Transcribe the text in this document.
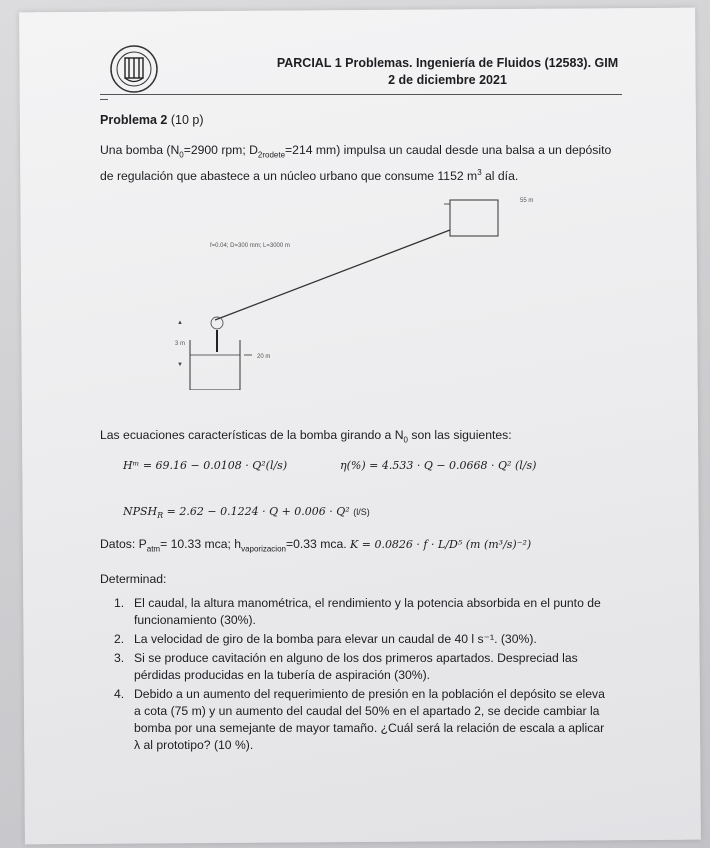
PARCIAL 1 Problemas. Ingeniería de Fluidos (12583). GIM
2 de diciembre 2021
Problema 2 (10 p)
Una bomba ($N_0=2900$ rpm; $D_{2rodete}=214$ mm) impulsa un caudal desde una balsa a un depósito de regulación que abastece a un núcleo urbano que consume 1152 $m^3$ al día.
55 m
f=0.04; D=300 mm; L=3000 m
▲
3 m
▼
20 m
Las ecuaciones características de la bomba girando a $N_0$ son las siguientes:
Hᵐ = 69.16 − 0.0108 · Q²(l/s)	η(%) = 4.533 · Q − 0.0668 · Q² (l/s)
$NPSH_R = 2.62 - 0.1224 \cdot Q + 0.006 \cdot Q^2$ (l/S)
Datos: $P_{atm}= 10.33$ mca; $h_{vaporizacion}=0.33$ mca. K = 0.0826 · f · L/D⁵ (m (m³/s)⁻²)
Determinad:
1. El caudal, la altura manométrica, el rendimiento y la potencia absorbida en el punto de funcionamiento (30%).
2. La velocidad de giro de la bomba para elevar un caudal de 40 l s⁻¹. (30%).
3. Si se produce cavitación en alguno de los dos primeros apartados. Despreciad las pérdidas producidas en la tubería de aspiración (30%).
4. Debido a un aumento del requerimiento de presión en la población el depósito se eleva a cota (75 m) y un aumento del caudal del 50% en el apartado 2, se decide cambiar la bomba por una semejante de mayor tamaño. ¿Cuál será la relación de escala a aplicar λ al prototipo? (10 %).
